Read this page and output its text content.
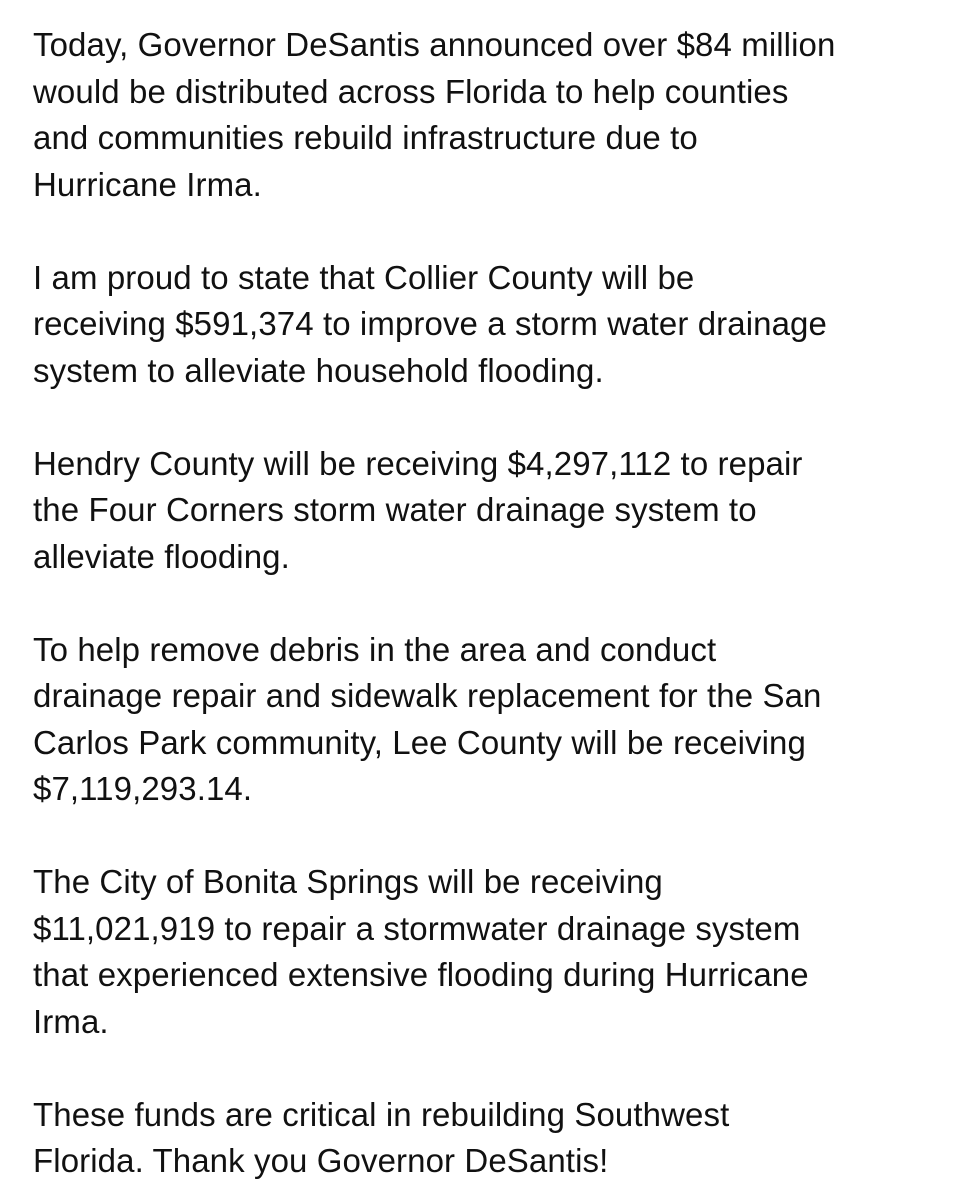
Today, Governor DeSantis announced over $84 million
would be distributed across Florida to help counties
and communities rebuild infrastructure due to
Hurricane Irma.
I am proud to state that Collier County will be
receiving $591,374 to improve a storm water drainage
system to alleviate household flooding.
Hendry County will be receiving $4,297,112 to repair
the Four Corners storm water drainage system to
alleviate flooding.
To help remove debris in the area and conduct
drainage repair and sidewalk replacement for the San
Carlos Park community, Lee County will be receiving
$7,119,293.14.
The City of Bonita Springs will be receiving
$11,021,919 to repair a stormwater drainage system
that experienced extensive flooding during Hurricane
Irma.
These funds are critical in rebuilding Southwest
Florida. Thank you Governor DeSantis!
